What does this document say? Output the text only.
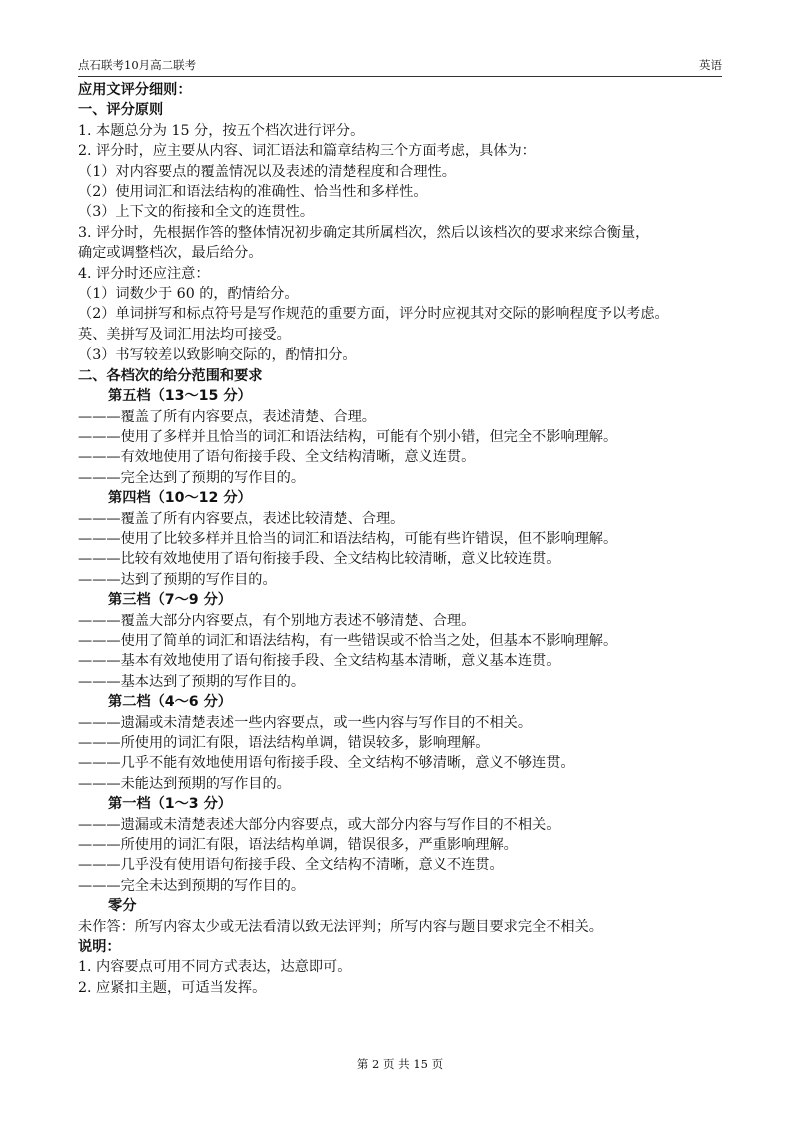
点石联考10月高二联考	英语
应用文评分细则：
一、评分原则
1. 本题总分为 15 分，按五个档次进行评分。
2. 评分时，应主要从内容、词汇语法和篇章结构三个方面考虑，具体为：
（1）对内容要点的覆盖情况以及表述的清楚程度和合理性。
（2）使用词汇和语法结构的准确性、恰当性和多样性。
（3）上下文的衔接和全文的连贯性。
3. 评分时，先根据作答的整体情况初步确定其所属档次，然后以该档次的要求来综合衡量，
确定或调整档次，最后给分。
4. 评分时还应注意：
（1）词数少于 60 的，酌情给分。
（2）单词拼写和标点符号是写作规范的重要方面，评分时应视其对交际的影响程度予以考虑。
英、美拼写及词汇用法均可接受。
（3）书写较差以致影响交际的，酌情扣分。
二、各档次的给分范围和要求
第五档（13～15 分）
———覆盖了所有内容要点，表述清楚、合理。
———使用了多样并且恰当的词汇和语法结构，可能有个别小错，但完全不影响理解。
———有效地使用了语句衔接手段、全文结构清晰，意义连贯。
———完全达到了预期的写作目的。
第四档（10～12 分）
———覆盖了所有内容要点，表述比较清楚、合理。
———使用了比较多样并且恰当的词汇和语法结构，可能有些许错误，但不影响理解。
———比较有效地使用了语句衔接手段、全文结构比较清晰，意义比较连贯。
———达到了预期的写作目的。
第三档（7～9 分）
———覆盖大部分内容要点，有个别地方表述不够清楚、合理。
———使用了简单的词汇和语法结构，有一些错误或不恰当之处，但基本不影响理解。
———基本有效地使用了语句衔接手段、全文结构基本清晰，意义基本连贯。
———基本达到了预期的写作目的。
第二档（4～6 分）
———遗漏或未清楚表述一些内容要点，或一些内容与写作目的不相关。
———所使用的词汇有限，语法结构单调，错误较多，影响理解。
———几乎不能有效地使用语句衔接手段、全文结构不够清晰，意义不够连贯。
———未能达到预期的写作目的。
第一档（1～3 分）
———遗漏或未清楚表述大部分内容要点，或大部分内容与写作目的不相关。
———所使用的词汇有限，语法结构单调，错误很多，严重影响理解。
———几乎没有使用语句衔接手段、全文结构不清晰，意义不连贯。
———完全未达到预期的写作目的。
零分
未作答：所写内容太少或无法看清以致无法评判；所写内容与题目要求完全不相关。
说明：
1. 内容要点可用不同方式表达，达意即可。
2. 应紧扣主题，可适当发挥。
第 2 页 共 15 页
